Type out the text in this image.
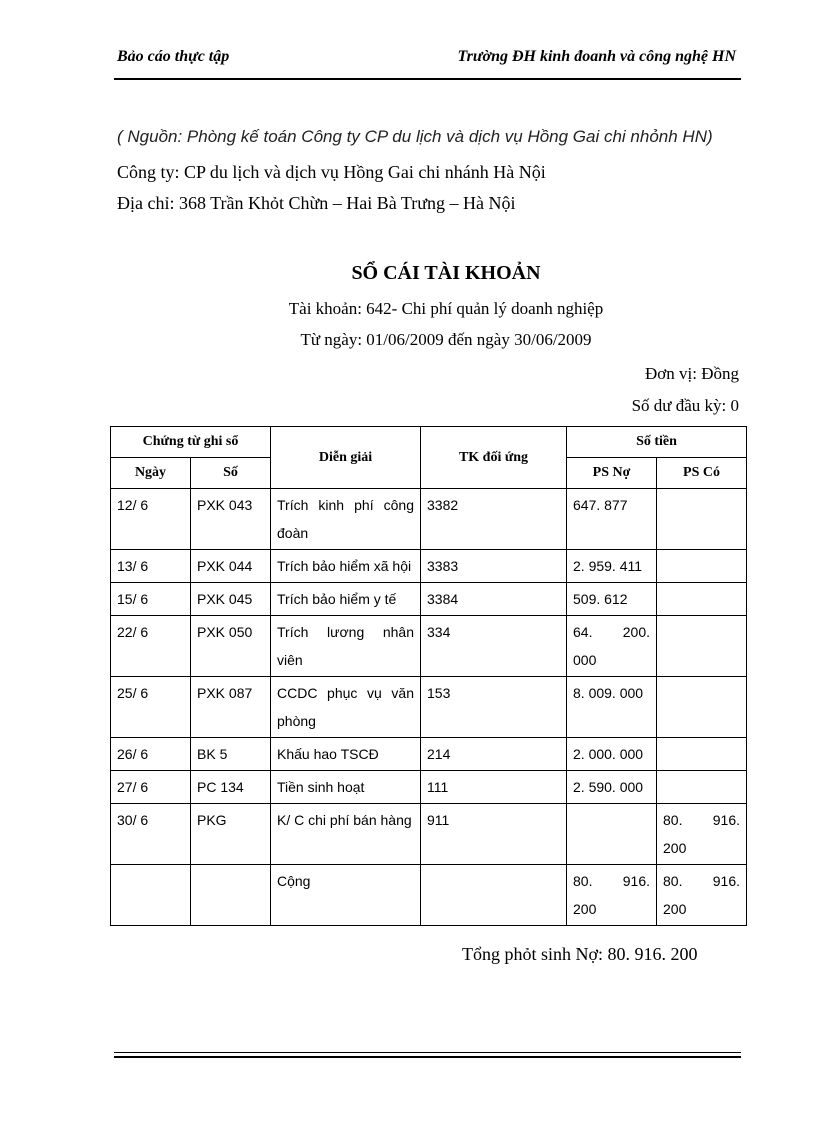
Bảo cáo thực tập	Trường ĐH kinh đoanh và công nghệ HN
( Nguồn: Phòng kế toán Công ty CP du lịch và dịch vụ Hồng Gai chi nhỏnh HN)
Công ty: CP du lịch và dịch vụ Hồng Gai chi nhánh Hà Nội
Địa chỉ: 368 Trần Khỏt Chừn – Hai Bà Trưng – Hà Nội
SỔ CÁI TÀI KHOẢN
Tài khoản: 642- Chi phí quản lý doanh nghiệp
Từ ngày: 01/06/2009 đến ngày 30/06/2009
Đơn vị: Đồng
Số dư đầu kỳ: 0
Chứng từ ghi sổ		Diễn giải	TK đối ứng	Số tiền	
Ngày	Số			PS Nợ	PS Có
12/ 6	PXK 043	Trích kinh phí công đoàn	3382	647. 877	
13/ 6	PXK 044	Trích bảo hiểm xã hội	3383	2. 959. 411	
15/ 6	PXK 045	Trích bảo hiểm y tế	3384	509. 612	
22/ 6	PXK 050	Trích lương nhân viên	334	64. 200. 000	
25/ 6	PXK 087	CCDC phục vụ văn phòng	153	8. 009. 000	
26/ 6	BK 5	Khấu hao TSCĐ	214	2. 000. 000	
27/ 6	PC 134	Tiền sinh hoạt	111	2. 590. 000	
30/ 6	PKG	K/ C chi phí bán hàng	911		80. 916. 200
		Cộng		80. 916. 200	80. 916. 200
Tổng phỏt sinh Nợ: 80. 916. 200
